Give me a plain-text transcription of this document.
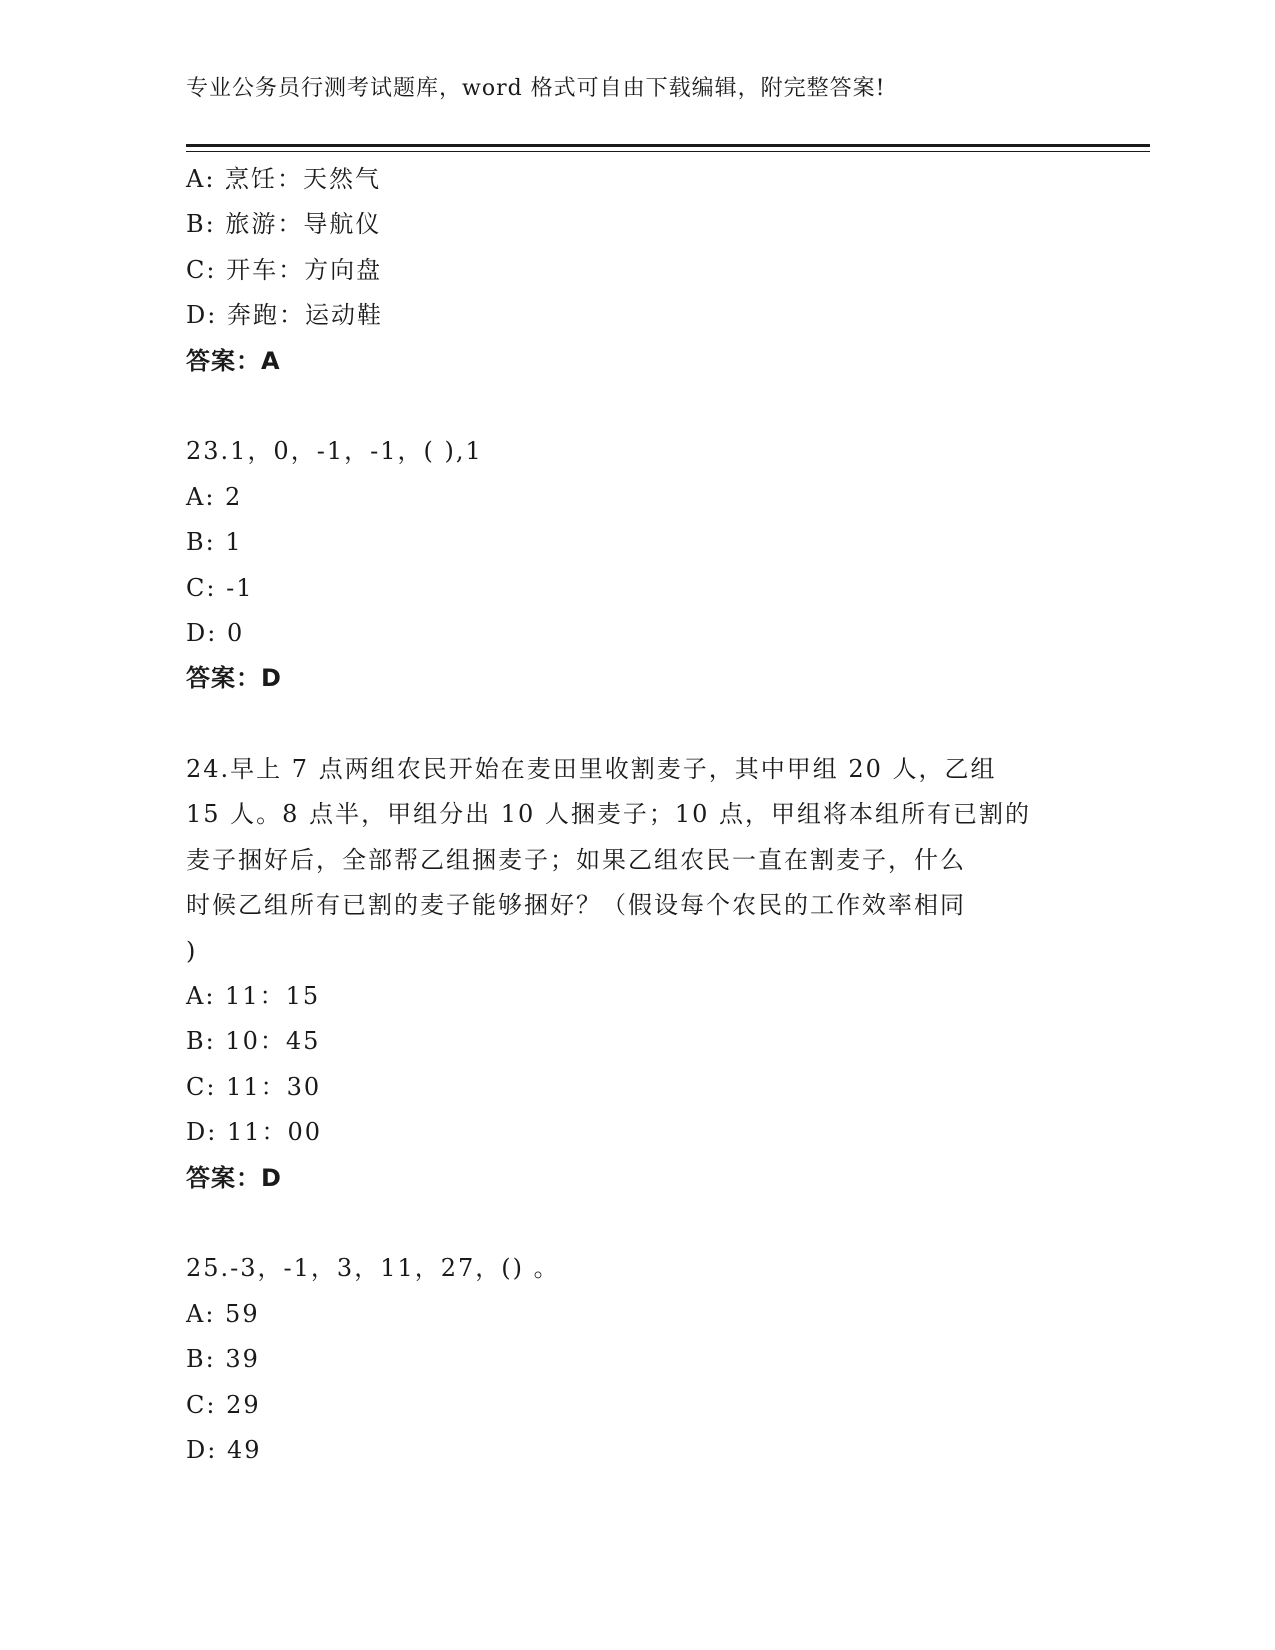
专业公务员行测考试题库，word 格式可自由下载编辑，附完整答案!
A: 烹饪：天然气
B: 旅游：导航仪
C: 开车：方向盘
D: 奔跑：运动鞋
答案：A
23.1，0，-1，-1，( ),1
A: 2
B: 1
C: -1
D: 0
答案：D
24.早上 7 点两组农民开始在麦田里收割麦子，其中甲组 20 人，乙组
15 人。8 点半，甲组分出 10 人捆麦子；10 点，甲组将本组所有已割的
麦子捆好后，全部帮乙组捆麦子；如果乙组农民一直在割麦子，什么
时候乙组所有已割的麦子能够捆好？（假设每个农民的工作效率相同
)
A: 11：15
B: 10：45
C: 11：30
D: 11：00
答案：D
25.-3，-1，3，11，27，() 。
A: 59
B: 39
C: 29
D: 49
